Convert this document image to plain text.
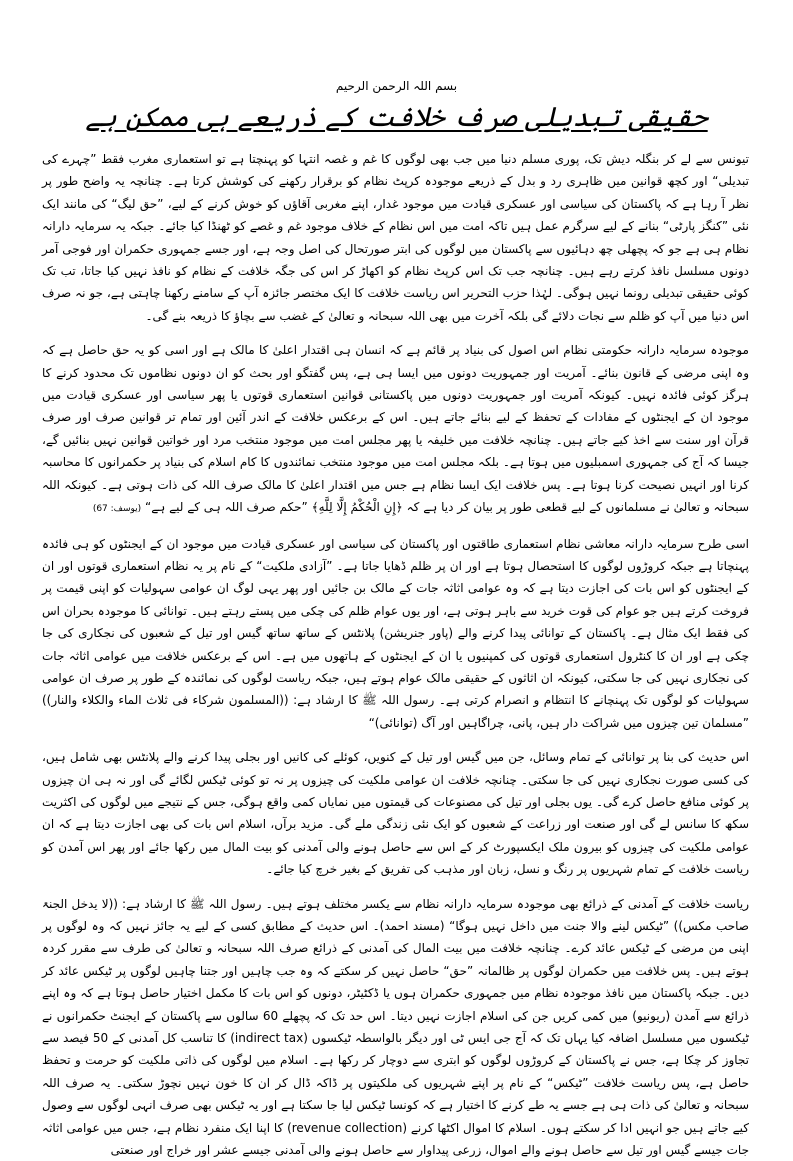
بسم اللہ الرحمن الرحیم
حقیقی تبدیلی صرف خلافت کے ذریعے ہی ممکن ہے

تیونس سے لے کر بنگلہ دیش تک، پوری مسلم دنیا میں جب بھی لوگوں کا غم و غصہ انتہا کو پہنچتا ہے تو استعماری مغرب فقط ”چہرے کی تبدیلی“ اور کچھ قوانین میں ظاہری رد و بدل کے ذریعے موجودہ کرپٹ نظام کو برقرار رکھنے کی کوشش کرتا ہے۔ چنانچہ یہ واضح طور پر نظر آ رہا ہے کہ پاکستان کی سیاسی اور عسکری قیادت میں موجود غدار، اپنے مغربی آقاؤں کو خوش کرنے کے لیے، ”حق لیگ“ کی مانند ایک نئی ”کنگز پارٹی“ بنانے کے لیے سرگرم عمل ہیں تاکہ امت میں اس نظام کے خلاف موجود غم و غصے کو ٹھنڈا کیا جائے۔ جبکہ یہ سرمایہ دارانہ نظام ہی ہے جو کہ پچھلی چھ دہائیوں سے پاکستان میں لوگوں کی ابتر صورتحال کی اصل وجہ ہے، اور جسے جمہوری حکمران اور فوجی آمر دونوں مسلسل نافذ کرتے رہے ہیں۔ چنانچہ جب تک اس کرپٹ نظام کو اکھاڑ کر اس کی جگہ خلافت کے نظام کو نافذ نہیں کیا جاتا، تب تک کوئی حقیقی تبدیلی رونما نہیں ہوگی۔ لہٰذا حزب التحریر اس ریاست خلافت کا ایک مختصر جائزہ آپ کے سامنے رکھنا چاہتی ہے، جو نہ صرف اس دنیا میں آپ کو ظلم سے نجات دلائے گی بلکہ آخرت میں بھی اللہ سبحانہ و تعالیٰ کے غضب سے بچاؤ کا ذریعہ بنے گی۔

موجودہ سرمایہ دارانہ حکومتی نظام اس اصول کی بنیاد پر قائم ہے کہ انسان ہی اقتدار اعلیٰ کا مالک ہے اور اسی کو یہ حق حاصل ہے کہ وہ اپنی مرضی کے قانون بنائے۔ آمریت اور جمہوریت دونوں میں ایسا ہی ہے، پس گفتگو اور بحث کو ان دونوں نظاموں تک محدود کرنے کا ہرگز کوئی فائدہ نہیں۔ کیونکہ آمریت اور جمہوریت دونوں میں پاکستانی قوانین استعماری قوتوں یا پھر سیاسی اور عسکری قیادت میں موجود ان کے ایجنٹوں کے مفادات کے تحفظ کے لیے بنائے جاتے ہیں۔ اس کے برعکس خلافت کے اندر آئین اور تمام تر قوانین صرف اور صرف قرآن اور سنت سے اخذ کیے جاتے ہیں۔ چنانچہ خلافت میں خلیفہ یا پھر مجلس امت میں موجود منتخب مرد اور خواتین قوانین نہیں بنائیں گے، جیسا کہ آج کی جمہوری اسمبلیوں میں ہوتا ہے۔ بلکہ مجلس امت میں موجود منتخب نمائندوں کا کام اسلام کی بنیاد پر حکمرانوں کا محاسبہ کرنا اور انہیں نصیحت کرنا ہوتا ہے۔ پس خلافت ایک ایسا نظام ہے جس میں اقتدار اعلیٰ کا مالک صرف اللہ کی ذات ہوتی ہے۔ کیونکہ اللہ سبحانہ و تعالیٰ نے مسلمانوں کے لیے قطعی طور پر بیان کر دیا ہے کہ ﴿إِنِ الْحُكْمُ إِلَّا لِلَّهِ﴾ ”حکم صرف اللہ ہی کے لیے ہے“ (یوسف: 67)

اسی طرح سرمایہ دارانہ معاشی نظام استعماری طاقتوں اور پاکستان کی سیاسی اور عسکری قیادت میں موجود ان کے ایجنٹوں کو ہی فائدہ پہنچاتا ہے جبکہ کروڑوں لوگوں کا استحصال ہوتا ہے اور ان پر ظلم ڈھایا جاتا ہے۔ ”آزادی ملکیت“ کے نام پر یہ نظام استعماری قوتوں اور ان کے ایجنٹوں کو اس بات کی اجازت دیتا ہے کہ وہ عوامی اثاثہ جات کے مالک بن جائیں اور پھر یہی لوگ ان عوامی سہولیات کو اپنی قیمت پر فروخت کرتے ہیں جو عوام کی قوت خرید سے باہر ہوتی ہے، اور یوں عوام ظلم کی چکی میں پستے رہتے ہیں۔ توانائی کا موجودہ بحران اس کی فقط ایک مثال ہے۔ پاکستان کے توانائی پیدا کرنے والے (پاور جنریشن) پلانٹس کے ساتھ ساتھ گیس اور تیل کے شعبوں کی نجکاری کی جا چکی ہے اور ان کا کنٹرول استعماری قوتوں کی کمپنیوں یا ان کے ایجنٹوں کے ہاتھوں میں ہے۔ اس کے برعکس خلافت میں عوامی اثاثہ جات کی نجکاری نہیں کی جا سکتی، کیونکہ ان اثاثوں کے حقیقی مالک عوام ہوتے ہیں، جبکہ ریاست لوگوں کی نمائندہ کے طور پر صرف ان عوامی سہولیات کو لوگوں تک پہنچانے کا انتظام و انصرام کرتی ہے۔ رسول اللہ ﷺ کا ارشاد ہے: ((المسلمون شرکاء فی ثلاث الماء والکلاء والنار)) ”مسلمان تین چیزوں میں شراکت دار ہیں، پانی، چراگاہیں اور آگ (توانائی)“

اس حدیث کی بنا پر توانائی کے تمام وسائل، جن میں گیس اور تیل کے کنویں، کوئلے کی کانیں اور بجلی پیدا کرنے والے پلانٹس بھی شامل ہیں، کی کسی صورت نجکاری نہیں کی جا سکتی۔ چنانچہ خلافت ان عوامی ملکیت کی چیزوں پر نہ تو کوئی ٹیکس لگائے گی اور نہ ہی ان چیزوں پر کوئی منافع حاصل کرے گی۔ یوں بجلی اور تیل کی مصنوعات کی قیمتوں میں نمایاں کمی واقع ہوگی، جس کے نتیجے میں لوگوں کی اکثریت سکھ کا سانس لے گی اور صنعت اور زراعت کے شعبوں کو ایک نئی زندگی ملے گی۔ مزید برآں، اسلام اس بات کی بھی اجازت دیتا ہے کہ ان عوامی ملکیت کی چیزوں کو بیرون ملک ایکسپورٹ کر کے اس سے حاصل ہونے والی آمدنی کو بیت المال میں رکھا جائے اور پھر اس آمدن کو ریاست خلافت کے تمام شہریوں پر رنگ و نسل، زبان اور مذہب کی تفریق کے بغیر خرچ کیا جائے۔

ریاست خلافت کے آمدنی کے ذرائع بھی موجودہ سرمایہ دارانہ نظام سے یکسر مختلف ہوتے ہیں۔ رسول اللہ ﷺ کا ارشاد ہے: ((لا یدخل الجنۃ صاحب مکس)) ”ٹیکس لینے والا جنت میں داخل نہیں ہوگا“ (مسند احمد)۔ اس حدیث کے مطابق کسی کے لیے یہ جائز نہیں کہ وہ لوگوں پر اپنی من مرضی کے ٹیکس عائد کرے۔ چنانچہ خلافت میں بیت المال کی آمدنی کے ذرائع صرف اللہ سبحانہ و تعالیٰ کی طرف سے مقرر کردہ ہوتے ہیں۔ پس خلافت میں حکمران لوگوں پر ظالمانہ ”حق“ حاصل نہیں کر سکتے کہ وہ جب چاہیں اور جتنا چاہیں لوگوں پر ٹیکس عائد کر دیں۔ جبکہ پاکستان میں نافذ موجودہ نظام میں جمہوری حکمران ہوں یا ڈکٹیٹر، دونوں کو اس بات کا مکمل اختیار حاصل ہوتا ہے کہ وہ اپنے ذرائع سے آمدن (ریونیو) میں کمی کریں جن کی اسلام اجازت نہیں دیتا۔ اس حد تک کہ پچھلے 60 سالوں سے پاکستان کے ایجنٹ حکمرانوں نے ٹیکسوں میں مسلسل اضافہ کیا یہاں تک کہ آج جی ایس ٹی اور دیگر بالواسطہ ٹیکسوں (indirect tax) کا تناسب کل آمدنی کے 50 فیصد سے تجاوز کر چکا ہے، جس نے پاکستان کے کروڑوں لوگوں کو ابتری سے دوچار کر رکھا ہے۔ اسلام میں لوگوں کی ذاتی ملکیت کو حرمت و تحفظ حاصل ہے، پس ریاست خلافت ”ٹیکس“ کے نام پر اپنے شہریوں کی ملکیتوں پر ڈاکہ ڈال کر ان کا خون نہیں نچوڑ سکتی۔ یہ صرف اللہ سبحانہ و تعالیٰ کی ذات ہی ہے جسے یہ طے کرنے کا اختیار ہے کہ کونسا ٹیکس لیا جا سکتا ہے اور یہ ٹیکس بھی صرف انہی لوگوں سے وصول کیے جاتے ہیں جو انہیں ادا کر سکتے ہوں۔ اسلام کا اموال اکٹھا کرنے (revenue collection) کا اپنا ایک منفرد نظام ہے، جس میں عوامی اثاثہ جات جیسے گیس اور تیل سے حاصل ہونے والے اموال، زرعی پیداوار سے حاصل ہونے والی آمدنی جیسے عشر اور خراج اور صنعتی
